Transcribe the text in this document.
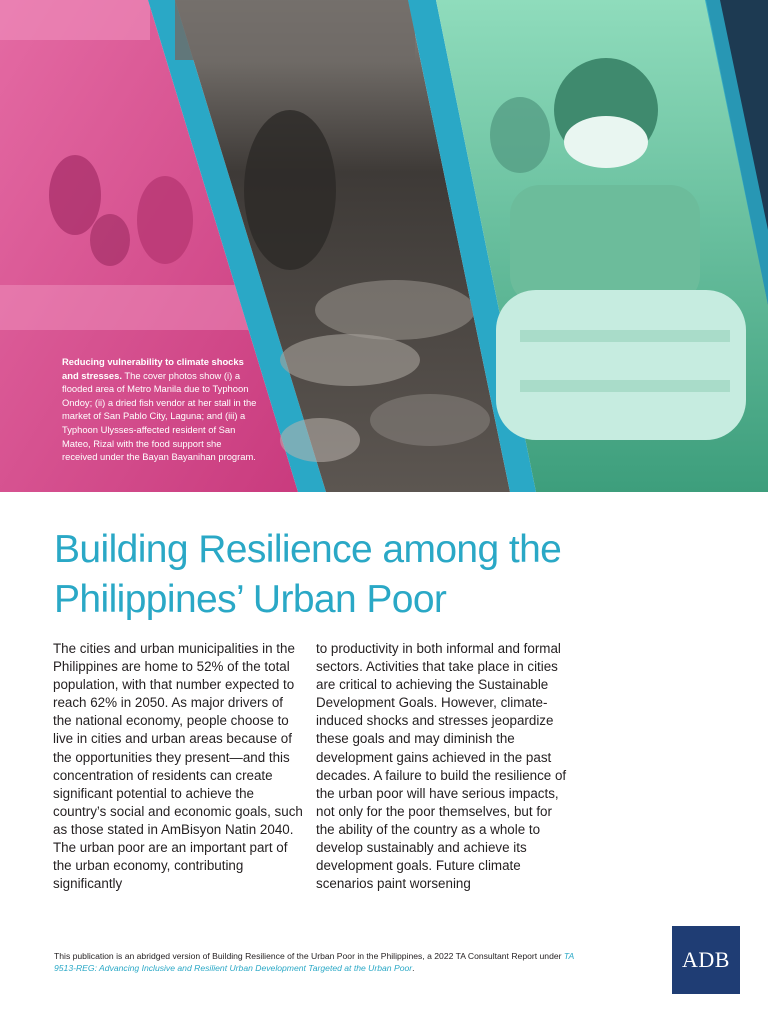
Reducing vulnerability to climate shocks and stresses. The cover photos show (i) a flooded area of Metro Manila due to Typhoon Ondoy; (ii) a dried fish vendor at her stall in the market of San Pablo City, Laguna; and (iii) a Typhoon Ulysses-affected resident of San Mateo, Rizal with the food support she received under the Bayan Bayanihan program.
Building Resilience among the Philippines’ Urban Poor

The cities and urban municipalities in the Philippines are home to 52% of the total population, with that number expected to reach 62% in 2050. As major drivers of the national economy, people choose to live in cities and urban areas because of the opportunities they present—and this concentration of residents can create significant potential to achieve the country’s social and economic goals, such as those stated in AmBisyon Natin 2040. The urban poor are an important part of the urban economy, contributing significantly

to productivity in both informal and formal sectors. Activities that take place in cities are critical to achieving the Sustainable Development Goals. However, climate-induced shocks and stresses jeopardize these goals and may diminish the development gains achieved in the past decades. A failure to build the resilience of the urban poor will have serious impacts, not only for the poor themselves, but for the ability of the country as a whole to develop sustainably and achieve its development goals. Future climate scenarios paint worsening

This publication is an abridged version of Building Resilience of the Urban Poor in the Philippines, a 2022 TA Consultant Report under TA 9513-REG: Advancing Inclusive and Resilient Urban Development Targeted at the Urban Poor.	ADB
